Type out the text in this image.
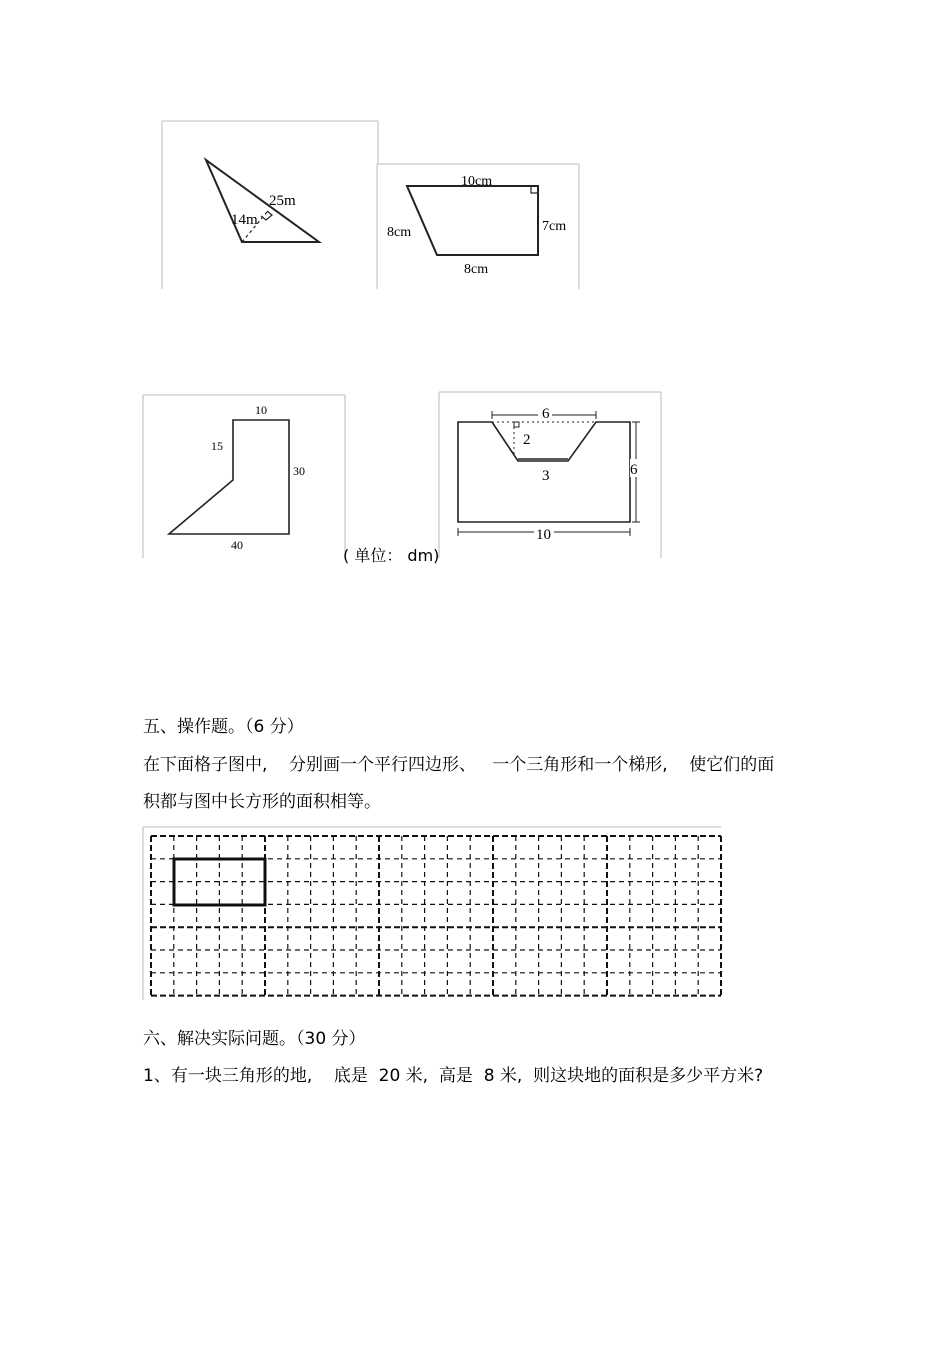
25m
14m
10cm
8cm	7cm
8cm
10
15
30
40
( 单位： dm)
6
2
3	6
10
五、操作题。（6 分）
在下面格子图中,    分别画一个平行四边形、   一个三角形和一个梯形,    使它们的面
积都与图中长方形的面积相等。
六、解决实际问题。（30 分）
1、有一块三角形的地,    底是  20 米,  高是  8 米,  则这块地的面积是多少平方米?
